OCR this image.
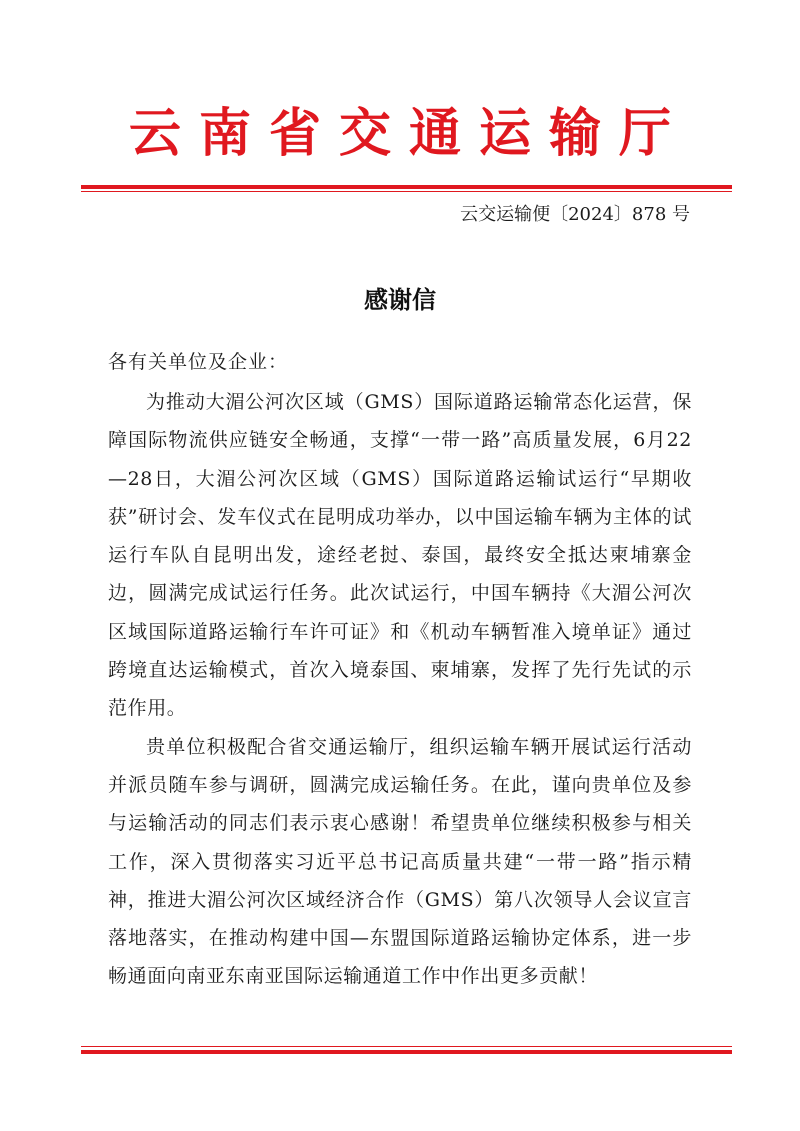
云南省交通运输厅
云交运输便〔2024〕878 号
感谢信
各有关单位及企业：

为推动大湄公河次区域（GMS）国际道路运输常态化运营，保障国际物流供应链安全畅通，支撑“一带一路”高质量发展，6月22—28日，大湄公河次区域（GMS）国际道路运输试运行“早期收获”研讨会、发车仪式在昆明成功举办，以中国运输车辆为主体的试运行车队自昆明出发，途经老挝、泰国，最终安全抵达柬埔寨金边，圆满完成试运行任务。此次试运行，中国车辆持《大湄公河次区域国际道路运输行车许可证》和《机动车辆暂准入境单证》通过跨境直达运输模式，首次入境泰国、柬埔寨，发挥了先行先试的示范作用。

贵单位积极配合省交通运输厅，组织运输车辆开展试运行活动并派员随车参与调研，圆满完成运输任务。在此，谨向贵单位及参与运输活动的同志们表示衷心感谢！希望贵单位继续积极参与相关工作，深入贯彻落实习近平总书记高质量共建“一带一路”指示精神，推进大湄公河次区域经济合作（GMS）第八次领导人会议宣言落地落实，在推动构建中国—东盟国际道路运输协定体系，进一步畅通面向南亚东南亚国际运输通道工作中作出更多贡献！
